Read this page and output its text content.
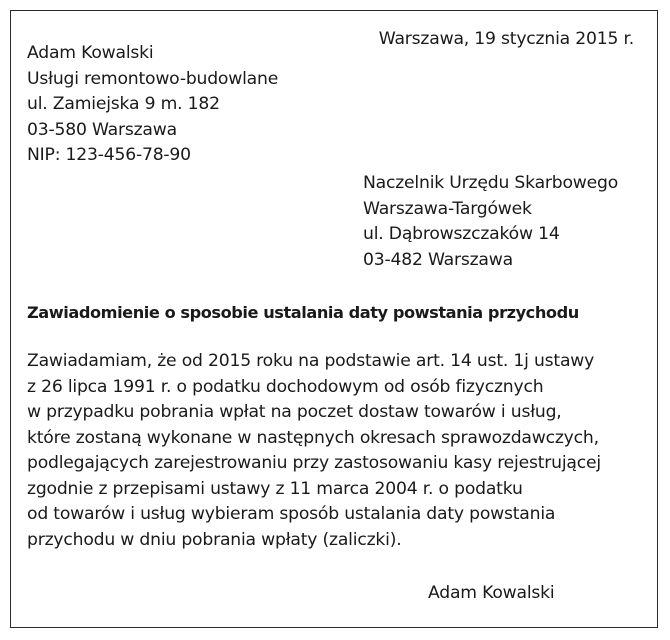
Warszawa, 19 stycznia 2015 r.
Adam Kowalski
Usługi remontowo-budowlane
ul. Zamiejska 9 m. 182
03-580 Warszawa
NIP: 123-456-78-90
Naczelnik Urzędu Skarbowego
Warszawa-Targówek
ul. Dąbrowszczaków 14
03-482 Warszawa
Zawiadomienie o sposobie ustalania daty powstania przychodu
Zawiadamiam, że od 2015 roku na podstawie art. 14 ust. 1j ustawy
z 26 lipca 1991 r. o podatku dochodowym od osób fizycznych
w przypadku pobrania wpłat na poczet dostaw towarów i usług,
które zostaną wykonane w następnych okresach sprawozdawczych,
podlegających zarejestrowaniu przy zastosowaniu kasy rejestrującej
zgodnie z przepisami ustawy z 11 marca 2004 r. o podatku
od towarów i usług wybieram sposób ustalania daty powstania
przychodu w dniu pobrania wpłaty (zaliczki).
Adam Kowalski
